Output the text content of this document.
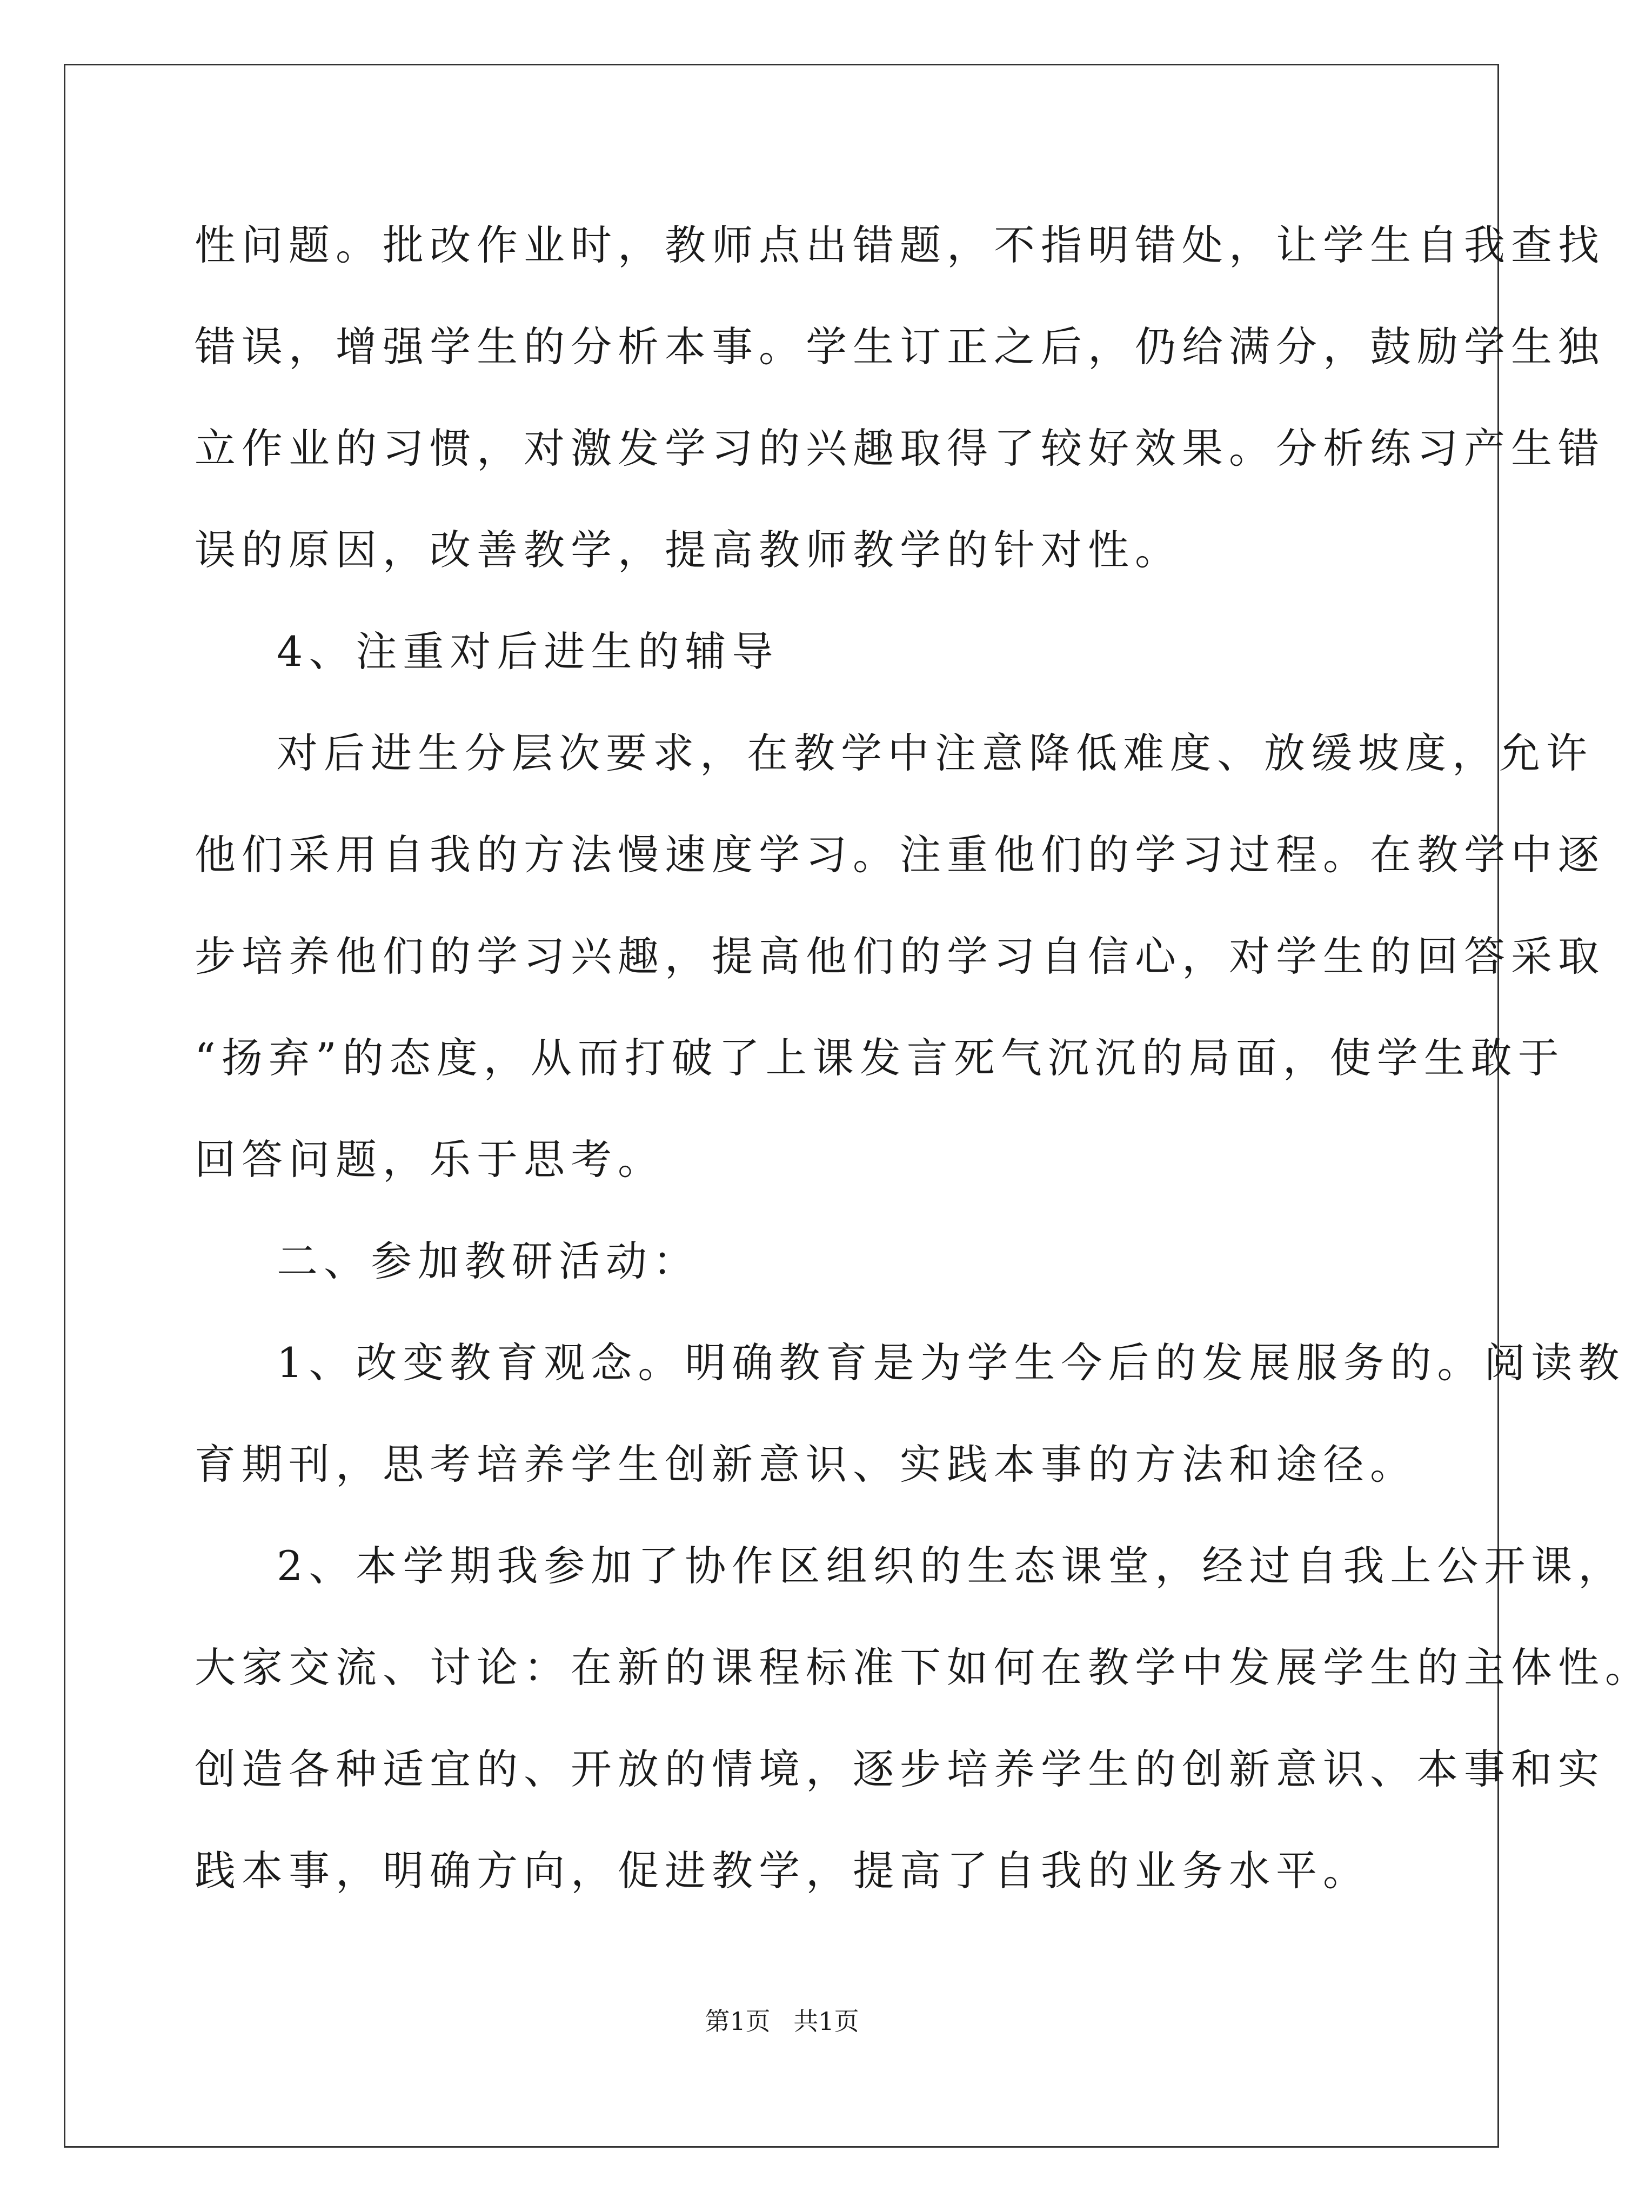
性问题。批改作业时，教师点出错题，不指明错处，让学生自我查找
错误，增强学生的分析本事。学生订正之后，仍给满分，鼓励学生独
立作业的习惯，对激发学习的兴趣取得了较好效果。分析练习产生错
误的原因，改善教学，提高教师教学的针对性。
4、注重对后进生的辅导
对后进生分层次要求，在教学中注意降低难度、放缓坡度，允许
他们采用自我的方法慢速度学习。注重他们的学习过程。在教学中逐
步培养他们的学习兴趣，提高他们的学习自信心，对学生的回答采取
“扬弃”的态度，从而打破了上课发言死气沉沉的局面，使学生敢于
回答问题，乐于思考。
二、参加教研活动：
1、改变教育观念。明确教育是为学生今后的发展服务的。阅读教
育期刊，思考培养学生创新意识、实践本事的方法和途径。
2、本学期我参加了协作区组织的生态课堂，经过自我上公开课，
大家交流、讨论：在新的课程标准下如何在教学中发展学生的主体性。
创造各种适宜的、开放的情境，逐步培养学生的创新意识、本事和实
践本事，明确方向，促进教学，提高了自我的业务水平。
第1页 共1页
